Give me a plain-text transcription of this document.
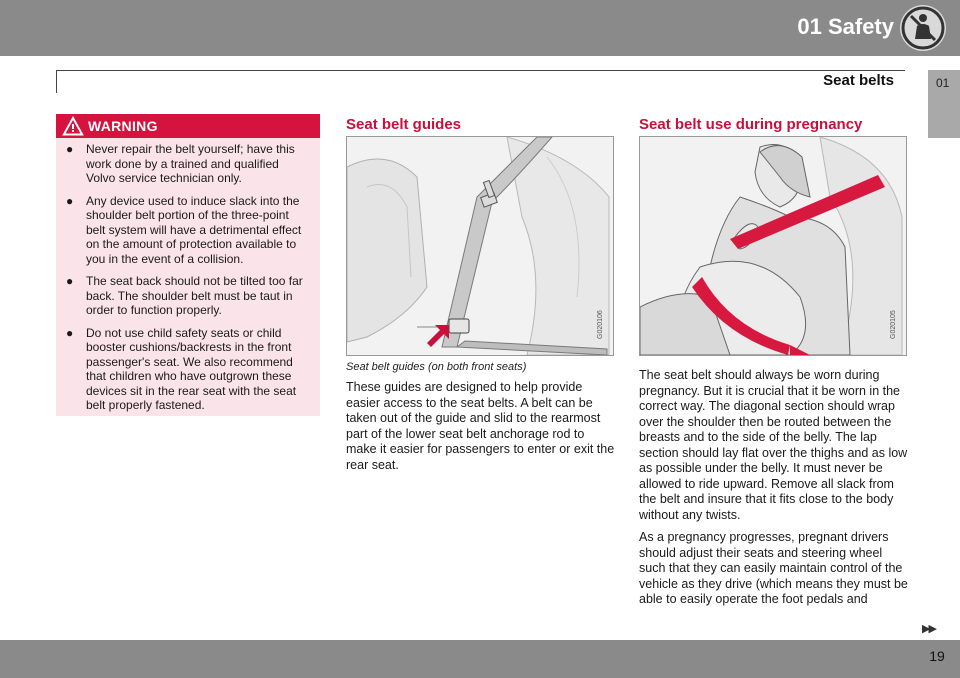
01 Safety
01
Seat belts
WARNING
● Never repair the belt yourself; have this work done by a trained and qualified Volvo service technician only.
● Any device used to induce slack into the shoulder belt portion of the three-point belt system will have a detrimental effect on the amount of protection available to you in the event of a collision.
● The seat back should not be tilted too far back. The shoulder belt must be taut in order to function properly.
● Do not use child safety seats or child booster cushions/backrests in the front passenger's seat. We also recommend that children who have outgrown these devices sit in the rear seat with the seat belt properly fastened.
Seat belt guides
G020106
Seat belt guides (on both front seats)

These guides are designed to help provide easier access to the seat belts. A belt can be taken out of the guide and slid to the rearmost part of the lower seat belt anchorage rod to make it easier for passengers to enter or exit the rear seat.

Seat belt use during pregnancy
G020105

The seat belt should always be worn during pregnancy. But it is crucial that it be worn in the correct way. The diagonal section should wrap over the shoulder then be routed between the breasts and to the side of the belly. The lap section should lay flat over the thighs and as low as possible under the belly. It must never be allowed to ride upward. Remove all slack from the belt and insure that it fits close to the body without any twists.

As a pregnancy progresses, pregnant drivers should adjust their seats and steering wheel such that they can easily maintain control of the vehicle as they drive (which means they must be able to easily operate the foot pedals and

▶▶
19
